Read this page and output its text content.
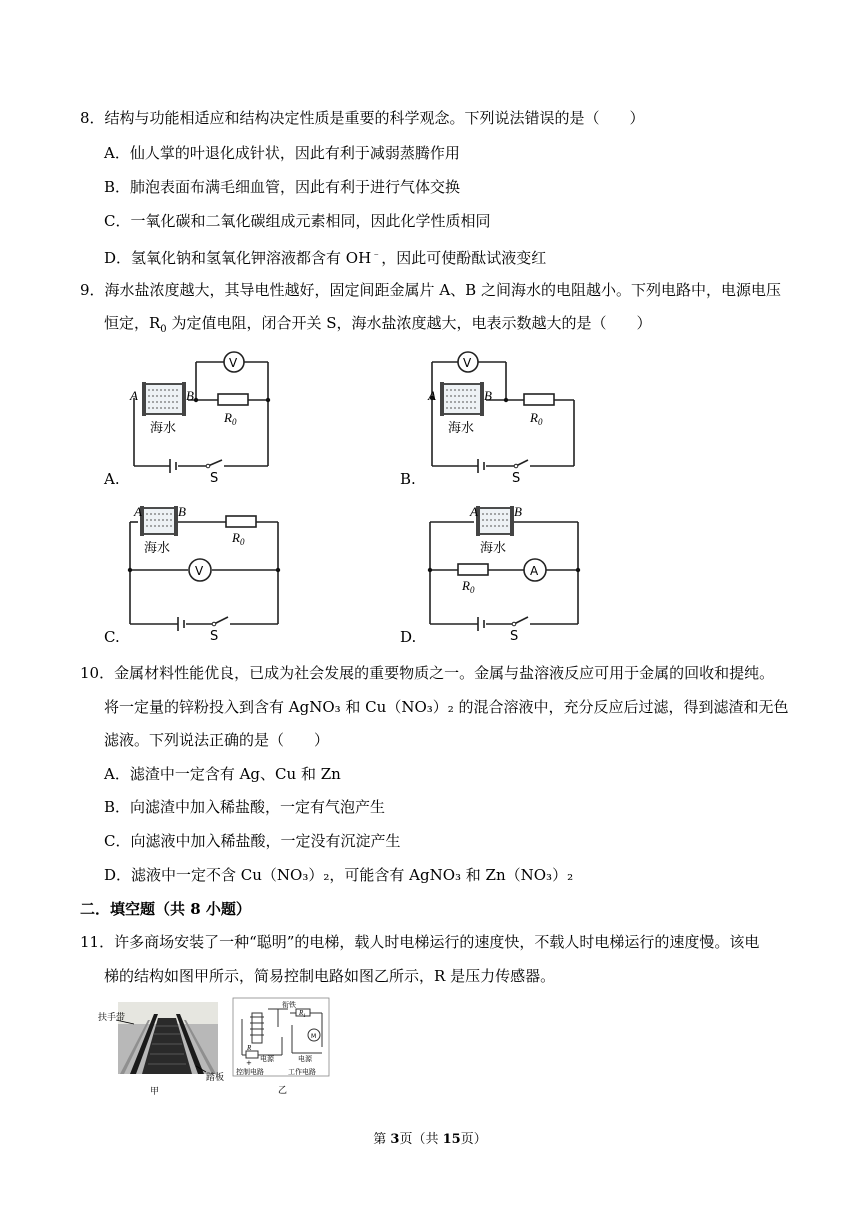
8．结构与功能相适应和结构决定性质是重要的科学观念。下列说法错误的是（　　）
A．仙人掌的叶退化成针状，因此有利于减弱蒸腾作用
B．肺泡表面布满毛细血管，因此有利于进行气体交换
C．一氧化碳和二氧化碳组成元素相同，因此化学性质相同
D．氢氧化钠和氢氧化钾溶液都含有 OH﹣，因此可使酚酞试液变红
9．海水盐浓度越大，其导电性越好，固定间距金属片 A、B 之间海水的电阻越小。下列电路中，电源电压
恒定，$R_0$ 为定值电阻，闭合开关 S，海水盐浓度越大，电表示数越大的是（　　）
A.
A	B
海水
$R_0$
S
V
B.
A	B
海水
$R_0$
S
V
C.
A	B
海水
$R_0$
S
V
D.
A	B
海水
$R_0$
S
A
10．金属材料性能优良，已成为社会发展的重要物质之一。金属与盐溶液反应可用于金属的回收和提纯。
将一定量的锌粉投入到含有 AgNO₃ 和 Cu（NO₃）₂ 的混合溶液中，充分反应后过滤，得到滤渣和无色
滤液。下列说法正确的是（　　）
A．滤渣中一定含有 Ag、Cu 和 Zn
B．向滤渣中加入稀盐酸，一定有气泡产生
C．向滤液中加入稀盐酸，一定没有沉淀产生
D．滤液中一定不含 Cu（NO₃）₂，可能含有 AgNO₃ 和 Zn（NO₃）₂
二．填空题（共 8 小题）
11．许多商场安装了一种“聪明”的电梯，载人时电梯运行的速度快，不载人时电梯运行的速度慢。该电
梯的结构如图甲所示，简易控制电路如图乙所示，R 是压力传感器。
扶手带
踏板
甲
衔铁
$R_1$
M
R
电源	电源
+
控制电路	工作电路
乙
第 3页（共 15页）
